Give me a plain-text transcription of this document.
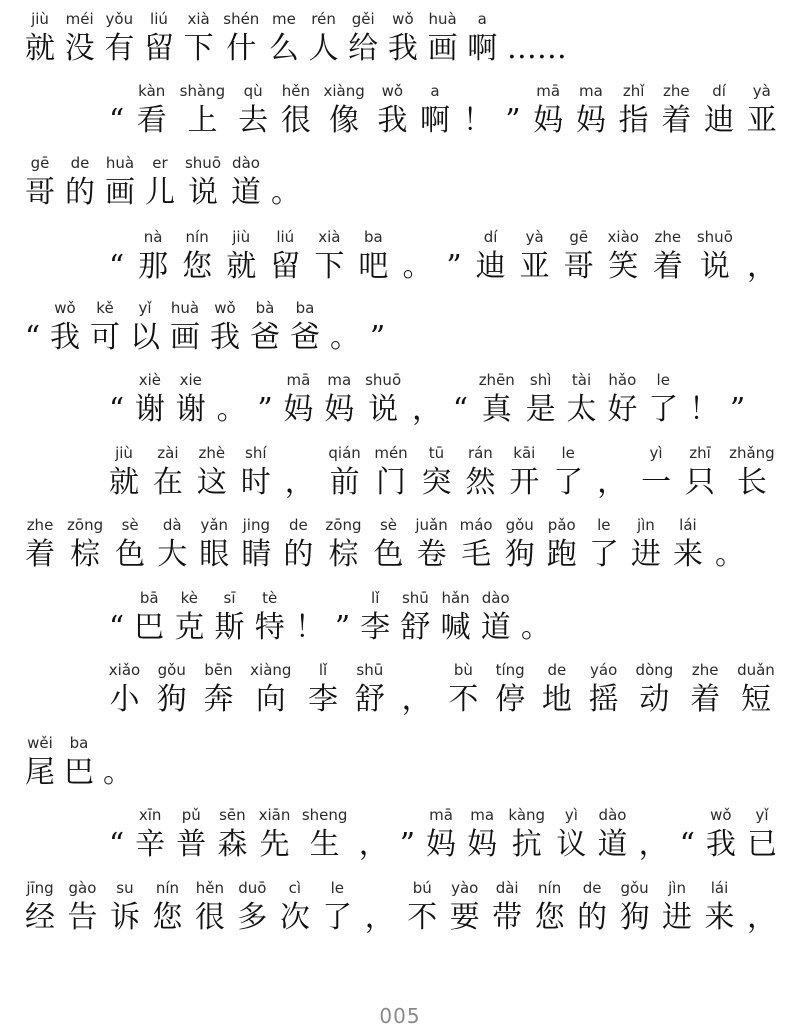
jiù
就
méi
没
yǒu
有
liú
留
xià
下
shén
什
me
么
rén
人
gěi
给
wǒ
我
huà
画
a
啊 ……
“
kàn
看
shàng
上
qù
去
hěn
很
xiàng
像
wǒ
我
a
啊 ！ ”
mā
妈
ma
妈
zhǐ
指
zhe
着
dí
迪
yà
亚
gē
哥
de
的
huà
画
er
儿
shuō
说
dào
道 。
“
nà
那
nín
您
jiù
就
liú
留
xià
下
ba
吧 。 ”
dí
迪
yà
亚
gē
哥
xiào
笑
zhe
着
shuō
说 ，
“
wǒ
我
kě
可
yǐ
以
huà
画
wǒ
我
bà
爸
ba
爸 。 ”
“
xiè
谢
xie
谢 。 ”
mā
妈
ma
妈
shuō
说 ， “
zhēn
真
shì
是
tài
太
hǎo
好
le
了 ！ ”
jiù
就
zài
在
zhè
这
shí
时 ，
qián
前
mén
门
tū
突
rán
然
kāi
开
le
了 ，
yì
一
zhī
只
zhǎng
长
zhe
着
zōng
棕
sè
色
dà
大
yǎn
眼
jing
睛
de
的
zōng
棕
sè
色
juǎn
卷
máo
毛
gǒu
狗
pǎo
跑
le
了
jìn
进
lái
来 。
“
bā
巴
kè
克
sī
斯
tè
特 ！ ”
lǐ
李
shū
舒
hǎn
喊
dào
道 。
xiǎo
小
gǒu
狗
bēn
奔
xiàng
向
lǐ
李
shū
舒 ，
bù
不
tíng
停
de
地
yáo
摇
dòng
动
zhe
着
duǎn
短
wěi
尾
ba
巴 。
“
xīn
辛
pǔ
普
sēn
森
xiān
先
sheng
生 ， ”
mā
妈
ma
妈
kàng
抗
yì
议
dào
道 ， “
wǒ
我
yǐ
已
jīng
经
gào
告
su
诉
nín
您
hěn
很
duō
多
cì
次
le
了 ，
bú
不
yào
要
dài
带
nín
您
de
的
gǒu
狗
jìn
进
lái
来 ，
005
